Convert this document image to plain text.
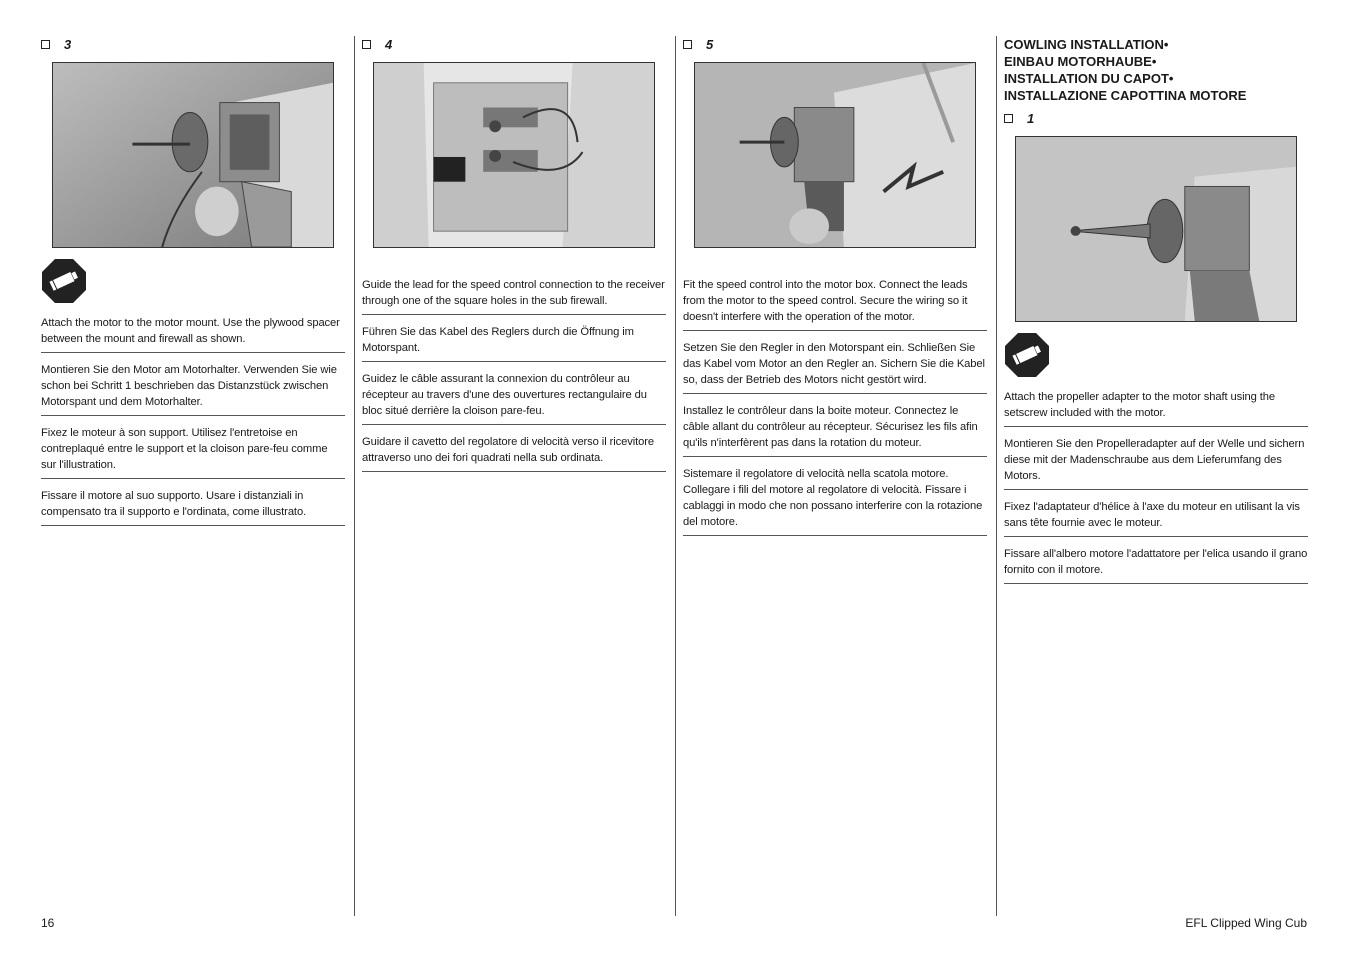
3
Attach the motor to the motor mount. Use the plywood spacer between the mount and firewall as shown.
Montieren Sie den Motor am Motorhalter. Verwenden Sie wie schon bei Schritt 1 beschrieben das Distanzstück zwischen Motorspant und dem Motorhalter.
Fixez le moteur à son support. Utilisez l'entretoise en contreplaqué entre le support et la cloison pare-feu comme sur l'illustration.
Fissare il motore al suo supporto. Usare i distanziali in compensato tra il supporto e l'ordinata, come illustrato.
4
Guide the lead for the speed control connection to the receiver through one of the square holes in the sub firewall.
Führen Sie das Kabel des Reglers durch die Öffnung im Motorspant.
Guidez le câble assurant la connexion du contrôleur au récepteur au travers d'une des ouvertures rectangulaire du bloc situé derrière la cloison pare-feu.
Guidare il cavetto del regolatore di velocità verso il ricevitore attraverso uno dei fori quadrati nella sub ordinata.
5
Fit the speed control into the motor box. Connect the leads from the motor to the speed control. Secure the wiring so it doesn't interfere with the operation of the motor.
Setzen Sie den Regler in den Motorspant ein. Schließen Sie das Kabel vom Motor an den Regler an. Sichern Sie die Kabel so, dass der Betrieb des Motors nicht gestört wird.
Installez le contrôleur dans la boite moteur. Connectez le câble allant du contrôleur au récepteur. Sécurisez les fils afin qu'ils n'interfèrent pas dans la rotation du moteur.
Sistemare il regolatore di velocità nella scatola motore. Collegare i fili del motore al regolatore di velocità. Fissare i cablaggi in modo che non possano interferire con la rotazione del motore.
COWLING INSTALLATION•
EINBAU MOTORHAUBE•
INSTALLATION DU CAPOT•
INSTALLAZIONE CAPOTTINA MOTORE
1
Attach the propeller adapter to the motor shaft using the setscrew included with the motor.
Montieren Sie den Propelleradapter auf der Welle und sichern diese mit der Madenschraube aus dem Lieferumfang des Motors.
Fixez l'adaptateur d'hélice à l'axe du moteur en utilisant la vis sans tête fournie avec le moteur.
Fissare all'albero motore l'adattatore per l'elica usando il grano fornito con il motore.
16	EFL Clipped Wing Cub
